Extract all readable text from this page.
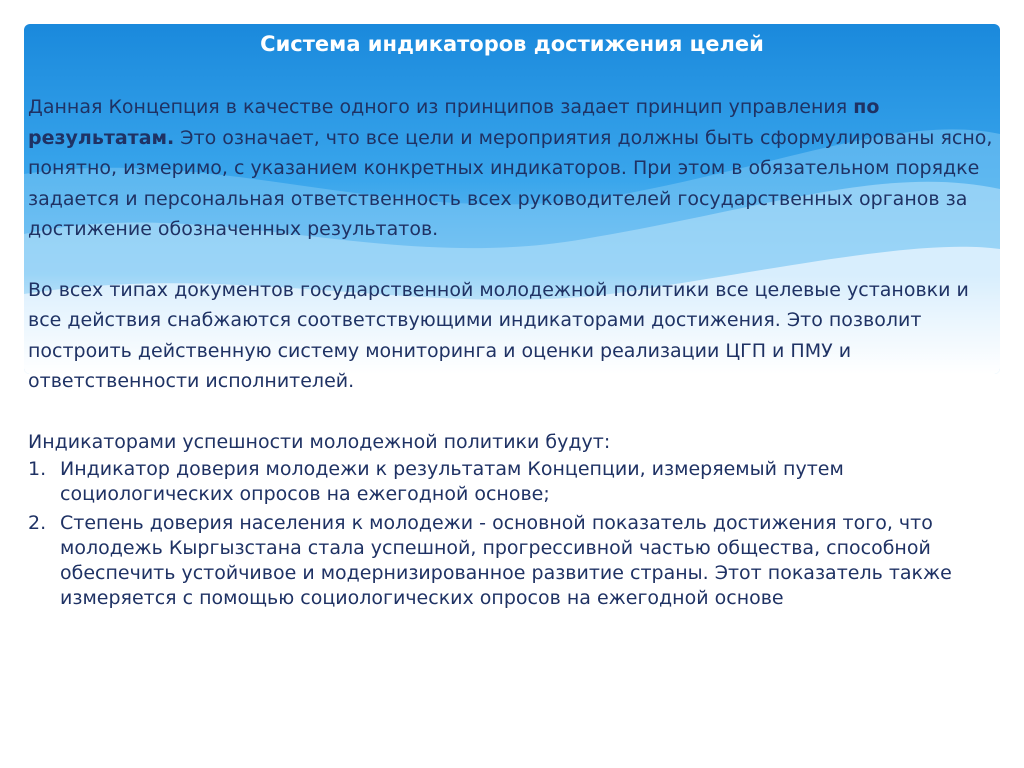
Система индикаторов достижения целей

Данная Концепция в качестве одного из принципов задает принцип управления по результатам. Это означает, что все цели и мероприятия должны быть сформулированы ясно, понятно, измеримо, с указанием конкретных индикаторов. При этом в обязательном порядке задается и персональная ответственность всех руководителей государственных органов за достижение обозначенных результатов.

Во всех типах документов государственной молодежной политики все целевые установки и все действия снабжаются соответствующими индикаторами достижения. Это позволит построить действенную систему мониторинга и оценки реализации ЦГП и ПМУ и ответственности исполнителей.

Индикаторами успешности молодежной политики будут:

1. Индикатор доверия молодежи к результатам Концепции, измеряемый путем социологических опросов на ежегодной основе;
2. Степень доверия населения к молодежи - основной показатель достижения того, что молодежь Кыргызстана стала успешной, прогрессивной частью общества, способной обеспечить устойчивое и модернизированное развитие страны. Этот показатель также измеряется с помощью социологических опросов на ежегодной основе
